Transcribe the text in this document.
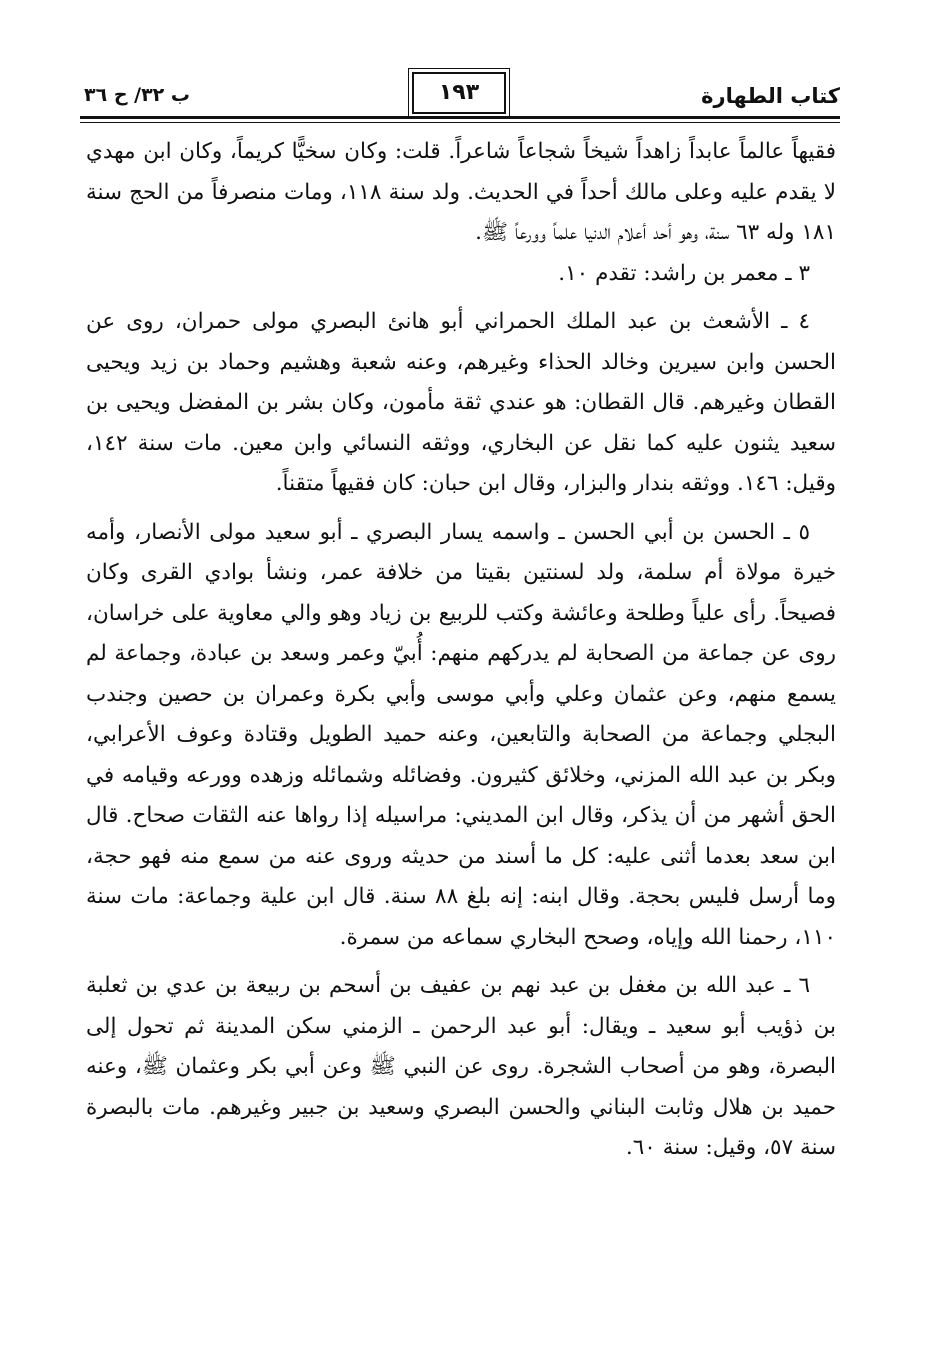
كتاب الطهارة
١٩٣
ب ٣٢/ ح ٣٦

فقيهاً عالماً عابداً زاهداً شيخاً شجاعاً شاعراً. قلت: وكان سخيًّا كريماً، وكان ابن مهدي لا يقدم عليه وعلى مالك أحداً في الحديث. ولد سنة ١١٨، ومات منصرفاً من الحج سنة ١٨١ وله ٦٣ سنة، وهو أحد أعلام الدنيا علماً وورعاً ﷺ.

٣ ـ معمر بن راشد: تقدم ١٠.

٤ ـ الأشعث بن عبد الملك الحمراني أبو هانئ البصري مولى حمران، روى عن الحسن وابن سيرين وخالد الحذاء وغيرهم، وعنه شعبة وهشيم وحماد بن زيد ويحيى القطان وغيرهم. قال القطان: هو عندي ثقة مأمون، وكان بشر بن المفضل ويحيى بن سعيد يثنون عليه كما نقل عن البخاري، ووثقه النسائي وابن معين. مات سنة ١٤٢، وقيل: ١٤٦. ووثقه بندار والبزار، وقال ابن حبان: كان فقيهاً متقناً.

٥ ـ الحسن بن أبي الحسن ـ واسمه يسار البصري ـ أبو سعيد مولى الأنصار، وأمه خيرة مولاة أم سلمة، ولد لسنتين بقيتا من خلافة عمر، ونشأ بوادي القرى وكان فصيحاً. رأى علياً وطلحة وعائشة وكتب للربيع بن زياد وهو والي معاوية على خراسان، روى عن جماعة من الصحابة لم يدركهم منهم: أُبيّ وعمر وسعد بن عبادة، وجماعة لم يسمع منهم، وعن عثمان وعلي وأبي موسى وأبي بكرة وعمران بن حصين وجندب البجلي وجماعة من الصحابة والتابعين، وعنه حميد الطويل وقتادة وعوف الأعرابي، وبكر بن عبد الله المزني، وخلائق كثيرون. وفضائله وشمائله وزهده وورعه وقيامه في الحق أشهر من أن يذكر، وقال ابن المديني: مراسيله إذا رواها عنه الثقات صحاح. قال ابن سعد بعدما أثنى عليه: كل ما أسند من حديثه وروى عنه من سمع منه فهو حجة، وما أرسل فليس بحجة. وقال ابنه: إنه بلغ ٨٨ سنة. قال ابن علية وجماعة: مات سنة ١١٠، رحمنا الله وإياه، وصحح البخاري سماعه من سمرة.

٦ ـ عبد الله بن مغفل بن عبد نهم بن عفيف بن أسحم بن ربيعة بن عدي بن ثعلبة بن ذؤيب أبو سعيد ـ ويقال: أبو عبد الرحمن ـ الزمني سكن المدينة ثم تحول إلى البصرة، وهو من أصحاب الشجرة. روى عن النبي ﷺ وعن أبي بكر وعثمان ﷺ، وعنه حميد بن هلال وثابت البناني والحسن البصري وسعيد بن جبير وغيرهم. مات بالبصرة سنة ٥٧، وقيل: سنة ٦٠.
